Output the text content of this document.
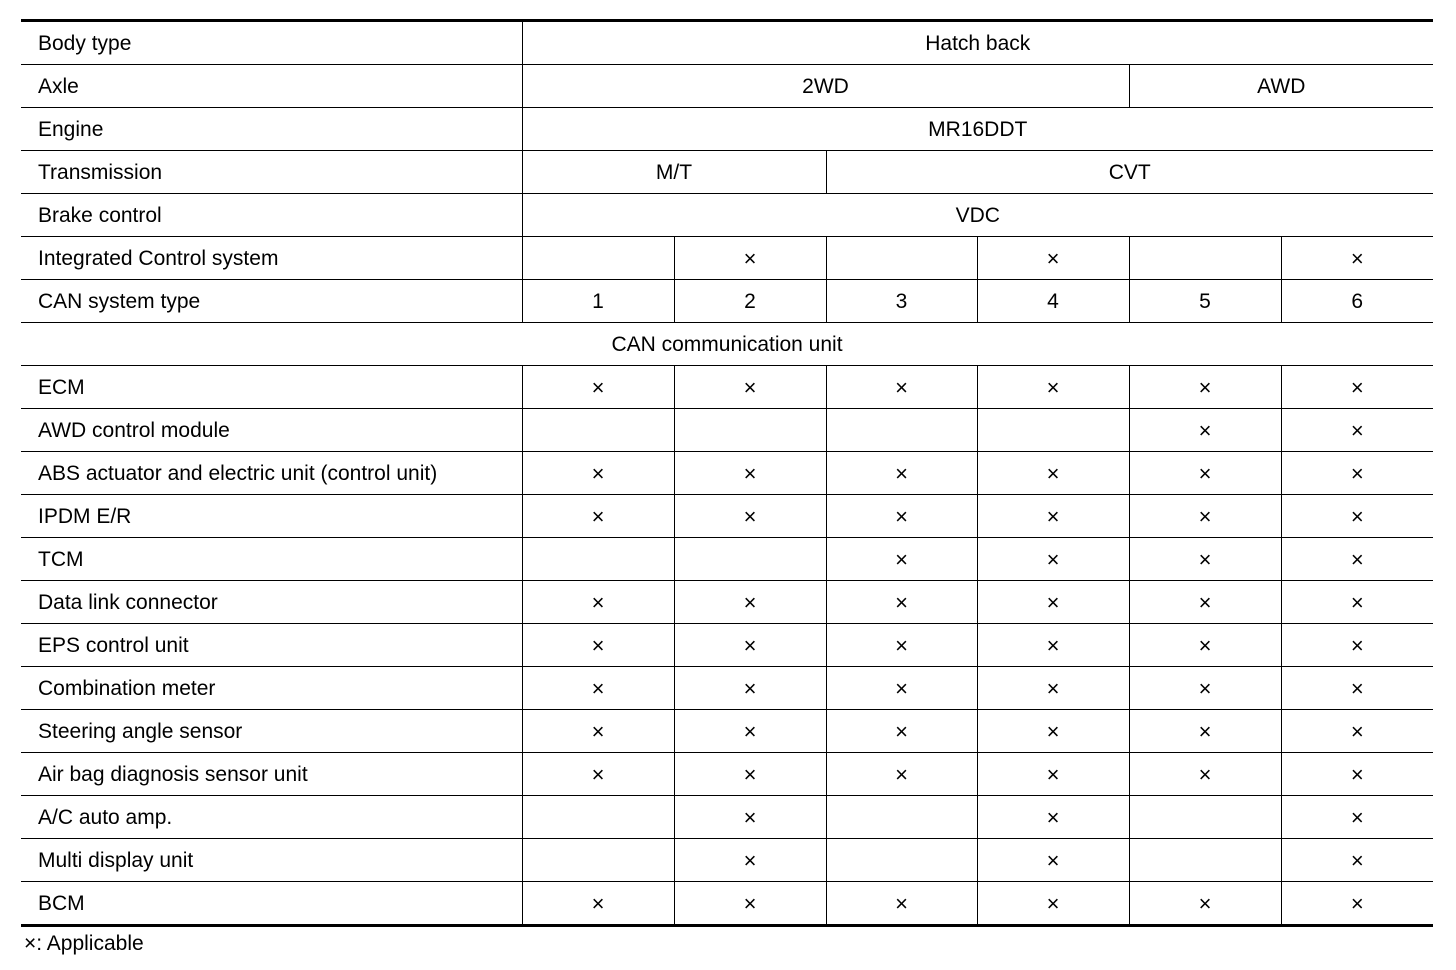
Body type	Hatch back					
Axle	2WD				AWD	
Engine	MR16DDT					
Transmission	M/T		CVT			
Brake control	VDC					
Integrated Control system		×		×		×
CAN system type	1	2	3	4	5	6
CAN communication unit						
ECM	×	×	×	×	×	×
AWD control module					×	×
ABS actuator and electric unit (control unit)	×	×	×	×	×	×
IPDM E/R	×	×	×	×	×	×
TCM			×	×	×	×
Data link connector	×	×	×	×	×	×
EPS control unit	×	×	×	×	×	×
Combination meter	×	×	×	×	×	×
Steering angle sensor	×	×	×	×	×	×
Air bag diagnosis sensor unit	×	×	×	×	×	×
A/C auto amp.		×		×		×
Multi display unit		×		×		×
BCM	×	×	×	×	×	×
×: Applicable
